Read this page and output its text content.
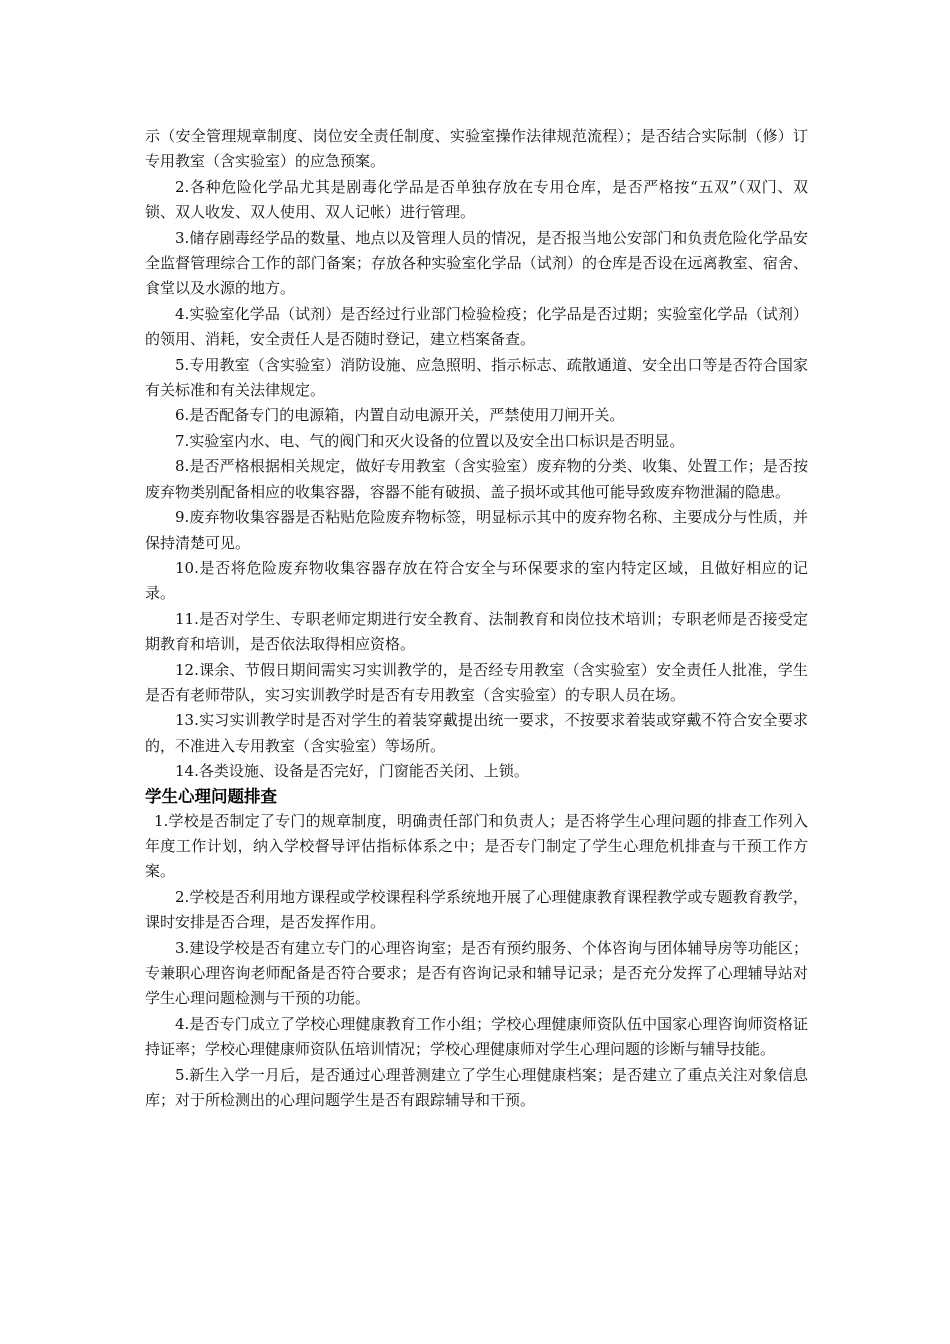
示（安全管理规章制度、岗位安全责任制度、实验室操作法律规范流程）；是否结合实际制（修）订专用教室（含实验室）的应急预案。

2.各种危险化学品尤其是剧毒化学品是否单独存放在专用仓库，是否严格按“五双”（双门、双锁、双人收发、双人使用、双人记帐）进行管理。

3.储存剧毒经学品的数量、地点以及管理人员的情况，是否报当地公安部门和负责危险化学品安全监督管理综合工作的部门备案；存放各种实验室化学品（试剂）的仓库是否设在远离教室、宿舍、食堂以及水源的地方。

4.实验室化学品（试剂）是否经过行业部门检验检疫；化学品是否过期；实验室化学品（试剂）的领用、消耗，安全责任人是否随时登记，建立档案备查。

5.专用教室（含实验室）消防设施、应急照明、指示标志、疏散通道、安全出口等是否符合国家有关标准和有关法律规定。

6.是否配备专门的电源箱，内置自动电源开关，严禁使用刀闸开关。

7.实验室内水、电、气的阀门和灭火设备的位置以及安全出口标识是否明显。

8.是否严格根据相关规定，做好专用教室（含实验室）废弃物的分类、收集、处置工作；是否按废弃物类别配备相应的收集容器，容器不能有破损、盖子损坏或其他可能导致废弃物泄漏的隐患。

9.废弃物收集容器是否粘贴危险废弃物标签，明显标示其中的废弃物名称、主要成分与性质，并保持清楚可见。

10.是否将危险废弃物收集容器存放在符合安全与环保要求的室内特定区域，且做好相应的记录。

11.是否对学生、专职老师定期进行安全教育、法制教育和岗位技术培训；专职老师是否接受定期教育和培训，是否依法取得相应资格。

12.课余、节假日期间需实习实训教学的，是否经专用教室（含实验室）安全责任人批准，学生是否有老师带队，实习实训教学时是否有专用教室（含实验室）的专职人员在场。

13.实习实训教学时是否对学生的着装穿戴提出统一要求，不按要求着装或穿戴不符合安全要求的，不准进入专用教室（含实验室）等场所。

14.各类设施、设备是否完好，门窗能否关闭、上锁。

学生心理问题排查

1.学校是否制定了专门的规章制度，明确责任部门和负责人；是否将学生心理问题的排查工作列入年度工作计划，纳入学校督导评估指标体系之中；是否专门制定了学生心理危机排查与干预工作方案。

2.学校是否利用地方课程或学校课程科学系统地开展了心理健康教育课程教学或专题教育教学，课时安排是否合理，是否发挥作用。

3.建设学校是否有建立专门的心理咨询室；是否有预约服务、个体咨询与团体辅导房等功能区；专兼职心理咨询老师配备是否符合要求；是否有咨询记录和辅导记录；是否充分发挥了心理辅导站对学生心理问题检测与干预的功能。

4.是否专门成立了学校心理健康教育工作小组；学校心理健康师资队伍中国家心理咨询师资格证持证率；学校心理健康师资队伍培训情况；学校心理健康师对学生心理问题的诊断与辅导技能。

5.新生入学一月后，是否通过心理普测建立了学生心理健康档案；是否建立了重点关注对象信息库；对于所检测出的心理问题学生是否有跟踪辅导和干预。
